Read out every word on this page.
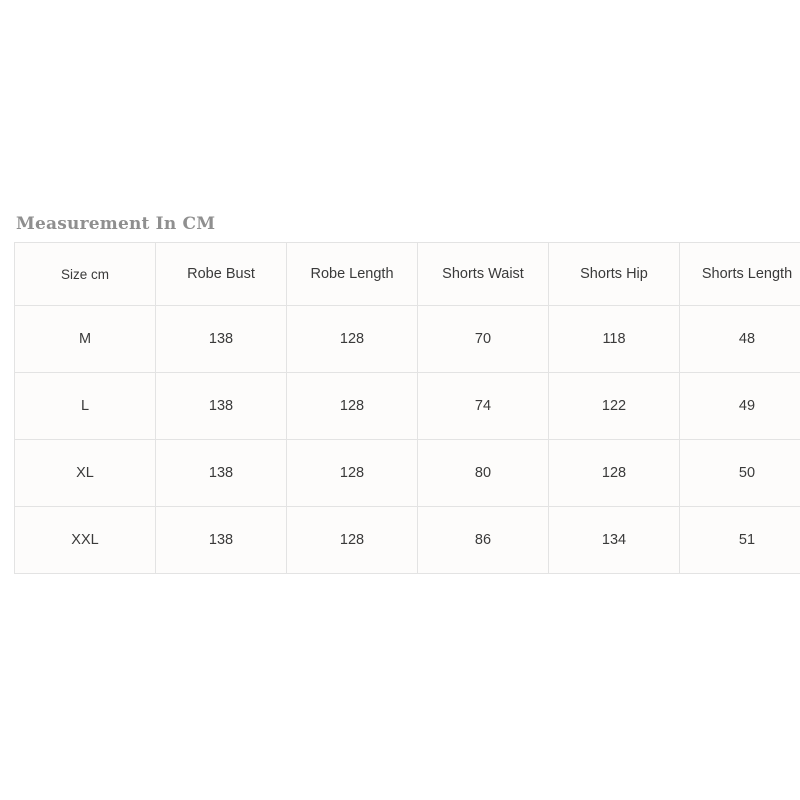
Measurement In CM
Size cm	Robe Bust	Robe Length	Shorts Waist	Shorts Hip	Shorts Length
M	138	128	70	118	48
L	138	128	74	122	49
XL	138	128	80	128	50
XXL	138	128	86	134	51
